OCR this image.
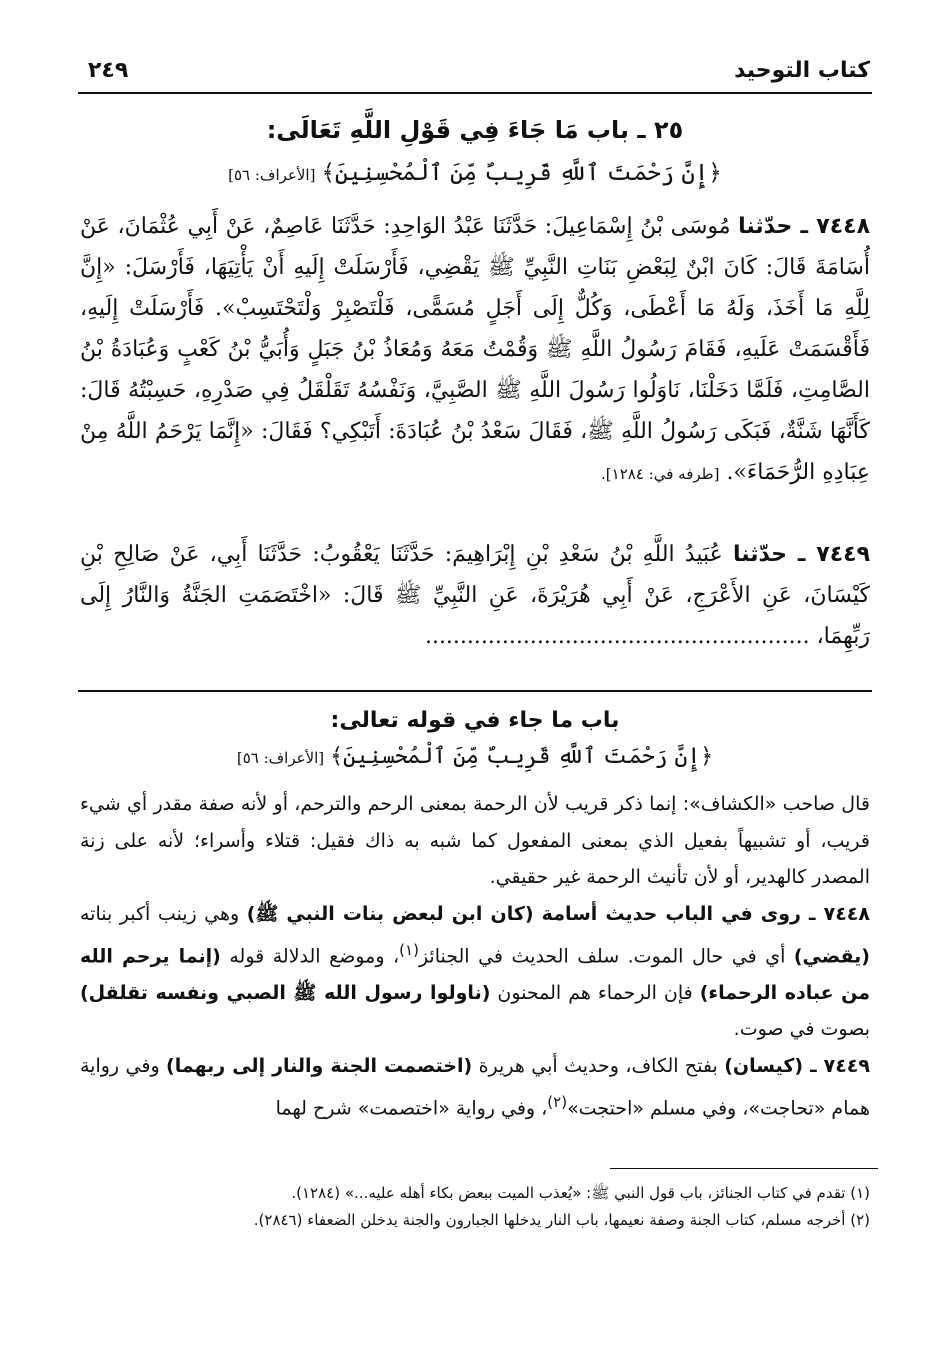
كتاب التوحيد
٢٤٩
٢٥ ـ باب مَا جَاءَ فِي قَوْلِ اللَّهِ تَعَالَى:
﴿إِنَّ رَحْمَتَ ٱللَّهِ قَرِيبٌ مِّنَ ٱلْمُحْسِنِينَ﴾[الأعراف: ٥٦]

٧٤٤٨ ـ حدّثنا مُوسَى بْنُ إِسْمَاعِيلَ: حَدَّثَنَا عَبْدُ الوَاحِدِ: حَدَّثَنَا عَاصِمٌ، عَنْ أَبِي عُثْمَانَ، عَنْ أُسَامَةَ قَالَ: كَانَ ابْنٌ لِبَعْضِ بَنَاتِ النَّبِيِّ ﷺ يَقْضِي، فَأَرْسَلَتْ إِلَيهِ أَنْ يَأْتِيَهَا، فَأَرْسَلَ: «إِنَّ لِلَّهِ مَا أَخَذَ، وَلَهُ مَا أَعْطَى، وَكُلٌّ إِلَى أَجَلٍ مُسَمًّى، فَلْتَصْبِرْ وَلْتَحْتَسِبْ». فَأَرْسَلَتْ إِلَيهِ، فَأَقْسَمَتْ عَلَيهِ، فَقَامَ رَسُولُ اللَّهِ ﷺ وَقُمْتُ مَعَهُ وَمُعَاذُ بْنُ جَبَلٍ وَأُبَيُّ بْنُ كَعْبٍ وَعُبَادَةُ بْنُ الصَّامِتِ، فَلَمَّا دَخَلْنَا، نَاوَلُوا رَسُولَ اللَّهِ ﷺ الصَّبِيَّ، وَنَفْسُهُ تَقَلْقَلُ فِي صَدْرِهِ، حَسِبْتُهُ قَالَ: كَأَنَّهَا شَنَّةٌ، فَبَكَى رَسُولُ اللَّهِ ﷺ، فَقَالَ سَعْدُ بْنُ عُبَادَةَ: أَتَبْكِي؟ فَقَالَ: «إِنَّمَا يَرْحَمُ اللَّهُ مِنْ عِبَادِهِ الرُّحَمَاءَ». [طرفه في: ١٢٨٤].

٧٤٤٩ ـ حدّثنا عُبَيدُ اللَّهِ بْنُ سَعْدِ بْنِ إِبْرَاهِيمَ: حَدَّثَنَا يَعْقُوبُ: حَدَّثَنَا أَبِي، عَنْ صَالِحِ بْنِ كَيْسَانَ، عَنِ الأَعْرَجِ، عَنْ أَبِي هُرَيْرَةَ، عَنِ النَّبِيِّ ﷺ قَالَ: «اخْتَصَمَتِ الجَنَّةُ وَالنَّارُ إِلَى رَبِّهِمَا، .......................................................

باب ما جاء في قوله تعالى:
﴿إِنَّ رَحْمَتَ ٱللَّهِ قَرِيبٌ مِّنَ ٱلْمُحْسِنِينَ﴾[الأعراف: ٥٦]

قال صاحب «الكشاف»: إنما ذكر قريب لأن الرحمة بمعنى الرحم والترحم، أو لأنه صفة مقدر أي شيء قريب، أو تشبيهاً بفعيل الذي بمعنى المفعول كما شبه به ذاك فقيل: قتلاء وأسراء؛ لأنه على زنة المصدر كالهدير، أو لأن تأنيث الرحمة غير حقيقي.

٧٤٤٨ ـ روى في الباب حديث أسامة (كان ابن لبعض بنات النبي ﷺ) وهي زينب أكبر بناته (يقضي) أي في حال الموت. سلف الحديث في الجنائز$^{(١)}$، وموضع الدلالة قوله (إنما يرحم الله من عباده الرحماء) فإن الرحماء هم المحنون (ناولوا رسول الله ﷺ الصبي ونفسه تقلقل) بصوت في صوت.

٧٤٤٩ ـ (كيسان) بفتح الكاف، وحديث أبي هريرة (اختصمت الجنة والنار إلى ربهما) وفي رواية همام «تحاجت»، وفي مسلم «احتجت»$^{(٢)}$، وفي رواية «اختصمت» شرح لهما

(١) تقدم في كتاب الجنائز، باب قول النبي ﷺ: «يُعذب الميت ببعض بكاء أهله عليه...» (١٢٨٤).

(٢) أخرجه مسلم، كتاب الجنة وصفة نعيمها، باب النار يدخلها الجبارون والجنة يدخلن الضعفاء (٢٨٤٦).
